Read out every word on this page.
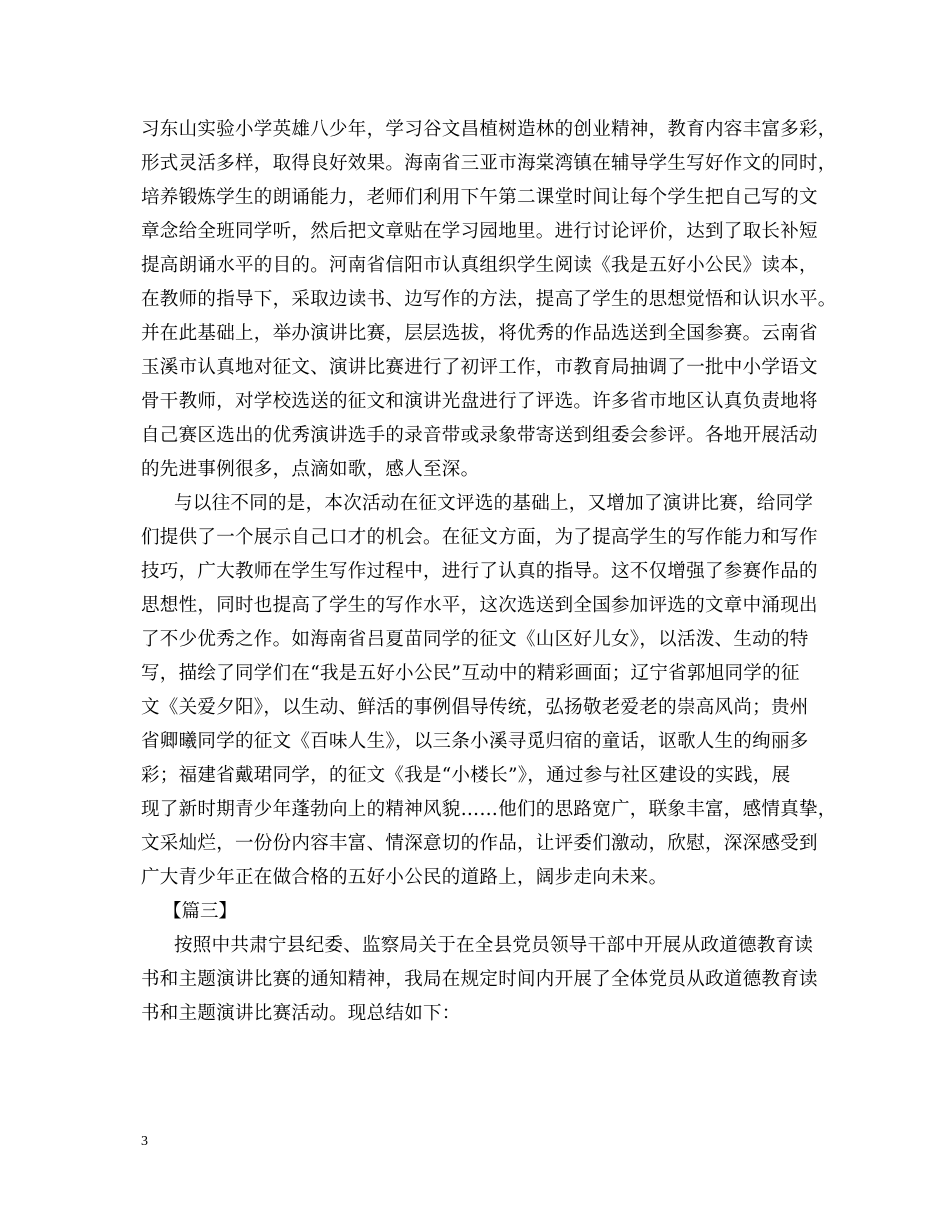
习东山实验小学英雄八少年，学习谷文昌植树造林的创业精神，教育内容丰富多彩，
形式灵活多样，取得良好效果。海南省三亚市海棠湾镇在辅导学生写好作文的同时，
培养锻炼学生的朗诵能力，老师们利用下午第二课堂时间让每个学生把自己写的文
章念给全班同学听，然后把文章贴在学习园地里。进行讨论评价，达到了取长补短
提高朗诵水平的目的。河南省信阳市认真组织学生阅读《我是五好小公民》读本，
在教师的指导下，采取边读书、边写作的方法，提高了学生的思想觉悟和认识水平。
并在此基础上，举办演讲比赛，层层选拔，将优秀的作品选送到全国参赛。云南省
玉溪市认真地对征文、演讲比赛进行了初评工作，市教育局抽调了一批中小学语文
骨干教师，对学校选送的征文和演讲光盘进行了评选。许多省市地区认真负责地将
自己赛区选出的优秀演讲选手的录音带或录象带寄送到组委会参评。各地开展活动
的先进事例很多，点滴如歌，感人至深。
与以往不同的是，本次活动在征文评选的基础上，又增加了演讲比赛，给同学
们提供了一个展示自己口才的机会。在征文方面，为了提高学生的写作能力和写作
技巧，广大教师在学生写作过程中，进行了认真的指导。这不仅增强了参赛作品的
思想性，同时也提高了学生的写作水平，这次选送到全国参加评选的文章中涌现出
了不少优秀之作。如海南省吕夏苗同学的征文《山区好儿女》，以活泼、生动的特
写，描绘了同学们在“我是五好小公民”互动中的精彩画面；辽宁省郭旭同学的征
文《关爱夕阳》，以生动、鲜活的事例倡导传统，弘扬敬老爱老的崇高风尚；贵州
省卿曦同学的征文《百味人生》，以三条小溪寻觅归宿的童话，讴歌人生的绚丽多
彩；福建省戴珺同学，的征文《我是“小楼长”》，通过参与社区建设的实践，展
现了新时期青少年蓬勃向上的精神风貌……他们的思路宽广，联象丰富，感情真挚，
文采灿烂，一份份内容丰富、情深意切的作品，让评委们激动，欣慰，深深感受到
广大青少年正在做合格的五好小公民的道路上，阔步走向未来。
【篇三】
按照中共肃宁县纪委、监察局关于在全县党员领导干部中开展从政道德教育读
书和主题演讲比赛的通知精神，我局在规定时间内开展了全体党员从政道德教育读
书和主题演讲比赛活动。现总结如下：
3
